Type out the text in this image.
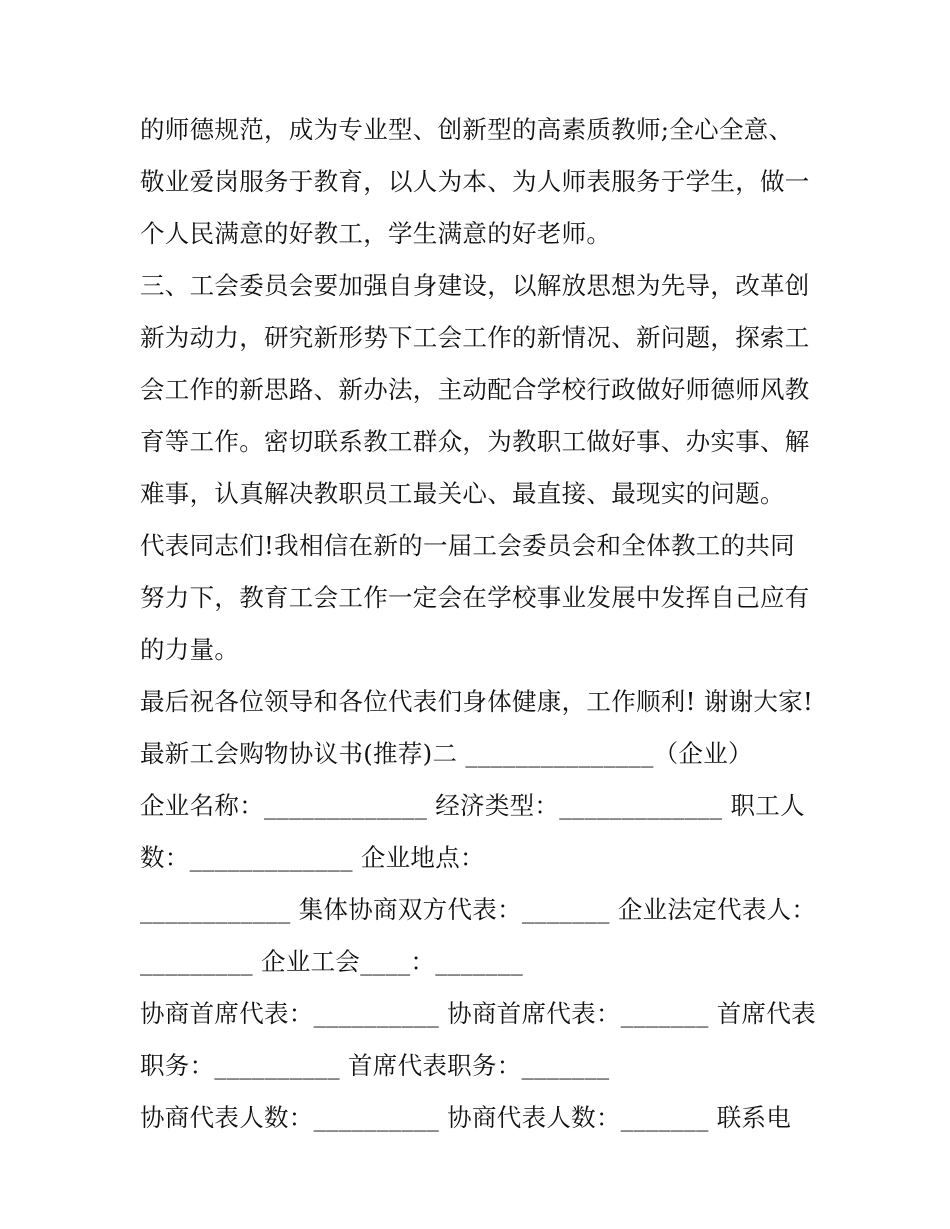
的师德规范，成为专业型、创新型的高素质教师;全心全意、
敬业爱岗服务于教育，以人为本、为人师表服务于学生，做一
个人民满意的好教工，学生满意的好老师。
三、工会委员会要加强自身建设，以解放思想为先导，改革创
新为动力，研究新形势下工会工作的新情况、新问题，探索工
会工作的新思路、新办法，主动配合学校行政做好师德师风教
育等工作。密切联系教工群众，为教职工做好事、办实事、解
难事，认真解决教职员工最关心、最直接、最现实的问题。
代表同志们!我相信在新的一届工会委员会和全体教工的共同
努力下，教育工会工作一定会在学校事业发展中发挥自己应有
的力量。
最后祝各位领导和各位代表们身体健康，工作顺利! 谢谢大家!
最新工会购物协议书(推荐)二 _______________（企业）
企业名称：_____________ 经济类型：_____________ 职工人
数：_____________ 企业地点：
____________ 集体协商双方代表：_______ 企业法定代表人：
_________ 企业工会____：_______
协商首席代表：__________ 协商首席代表：_______ 首席代表
职务：__________ 首席代表职务：_______
协商代表人数：__________ 协商代表人数：_______ 联系电
